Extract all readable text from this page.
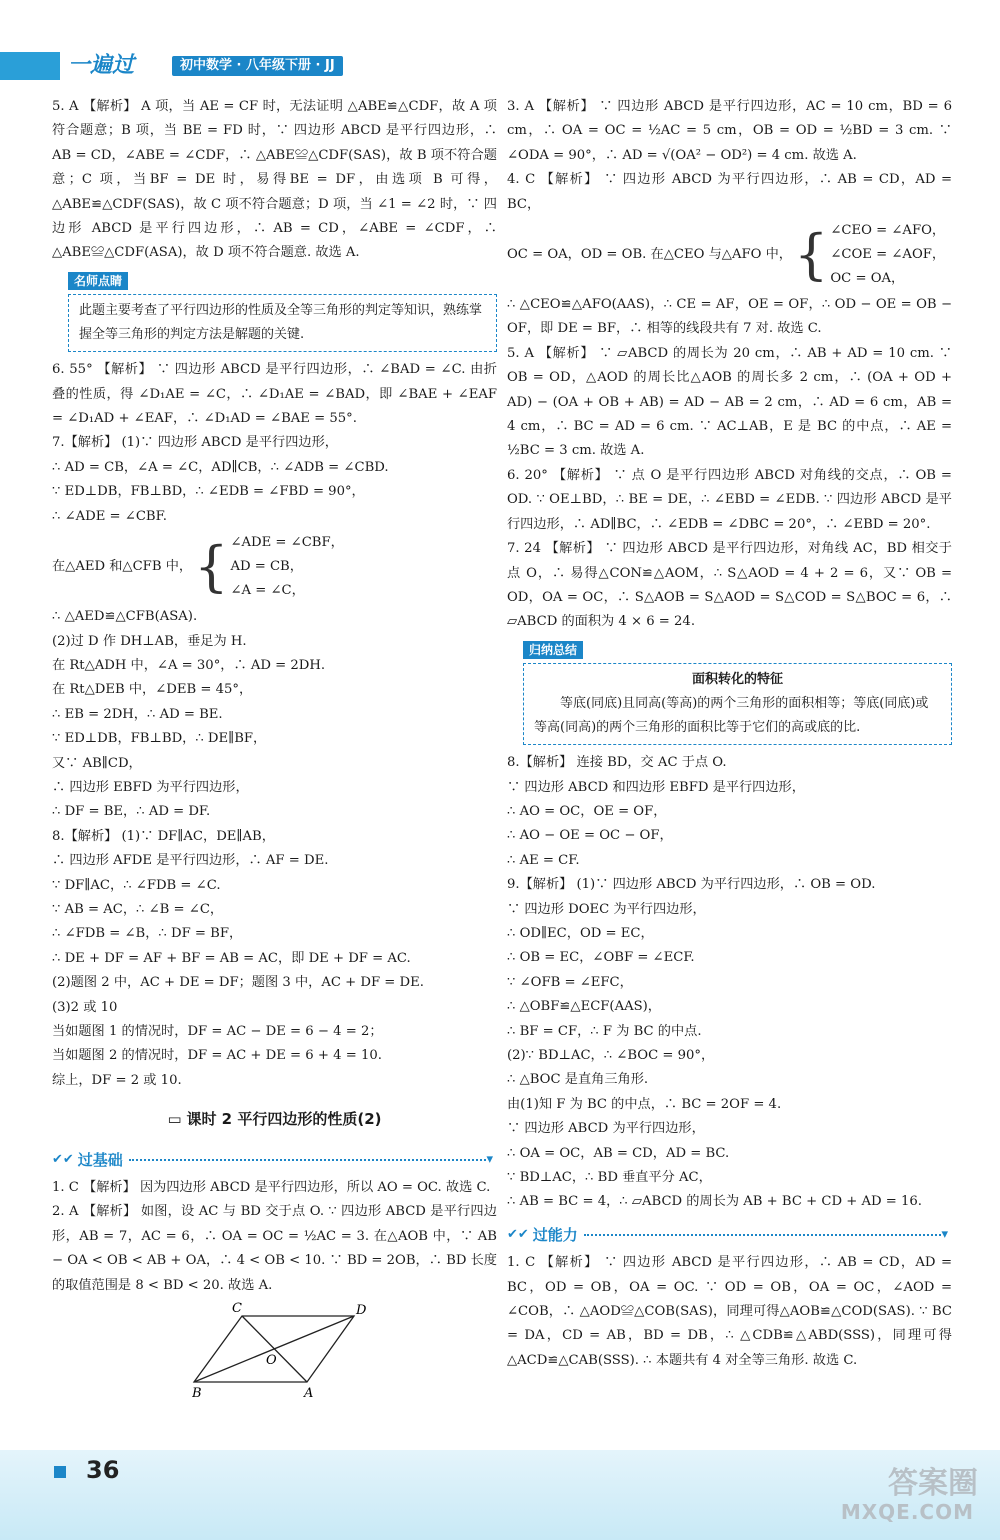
一遍过	初中数学 · 八年级下册 · JJ

5. A 【解析】 A 项，当 AE = CF 时，无法证明 △ABE≌△CDF，故 A 项符合题意；B 项，当 BE = FD 时，∵ 四边形 ABCD 是平行四边形，∴ AB = CD，∠ABE = ∠CDF，∴ △ABE≌△CDF(SAS)，故 B 项不符合题意；C 项，当BF = DE 时，易得BE = DF，由选项 B 可得，△ABE≌△CDF(SAS)，故 C 项不符合题意；D 项，当 ∠1 = ∠2 时，∵ 四边形 ABCD 是平行四边形，∴ AB = CD，∠ABE = ∠CDF，∴ △ABE≌△CDF(ASA)，故 D 项不符合题意. 故选 A.

名师点睛
此题主要考查了平行四边形的性质及全等三角形的判定等知识，熟练掌握全等三角形的判定方法是解题的关键.

6. 55° 【解析】 ∵ 四边形 ABCD 是平行四边形，∴ ∠BAD = ∠C. 由折叠的性质，得 ∠D₁AE = ∠C，∴ ∠D₁AE = ∠BAD，即 ∠BAE + ∠EAF = ∠D₁AD + ∠EAF，∴ ∠D₁AD = ∠BAE = 55°.

7.【解析】 (1)∵ 四边形 ABCD 是平行四边形，

∴ AD = CB，∠A = ∠C，AD∥CB，∴ ∠ADB = ∠CBD.

∵ ED⊥DB，FB⊥BD，∴ ∠EDB = ∠FBD = 90°，

∴ ∠ADE = ∠CBF.

在△AED 和△CFB 中， { ∠ADE = ∠CBF，
AD = CB，
∠A = ∠C，

∴ △AED≌△CFB(ASA).

(2)过 D 作 DH⊥AB，垂足为 H.

在 Rt△ADH 中，∠A = 30°，∴ AD = 2DH.

在 Rt△DEB 中，∠DEB = 45°，

∴ EB = 2DH，∴ AD = BE.

∵ ED⊥DB，FB⊥BD，∴ DE∥BF，

又∵ AB∥CD，

∴ 四边形 EBFD 为平行四边形，

∴ DF = BE，∴ AD = DF.

8.【解析】 (1)∵ DF∥AC，DE∥AB，

∴ 四边形 AFDE 是平行四边形，∴ AF = DE.

∵ DF∥AC，∴ ∠FDB = ∠C.

∵ AB = AC，∴ ∠B = ∠C，

∴ ∠FDB = ∠B，∴ DF = BF，

∴ DE + DF = AF + BF = AB = AC，即 DE + DF = AC.

(2)题图 2 中，AC + DE = DF；题图 3 中，AC + DF = DE.

(3)2 或 10

当如题图 1 的情况时，DF = AC − DE = 6 − 4 = 2；

当如题图 2 的情况时，DF = AC + DE = 6 + 4 = 10.

综上，DF = 2 或 10.

▭ 课时 2 平行四边形的性质(2)
✔✔ 过基础	▾

1. C 【解析】 因为四边形 ABCD 是平行四边形，所以 AO = OC. 故选 C.

2. A 【解析】 如图，设 AC 与 BD 交于点 O. ∵ 四边形 ABCD 是平行四边形，AB = 7，AC = 6，∴ OA = OC = ½AC = 3. 在△AOB 中，∵ AB − OA < OB < AB + OA，∴ 4 < OB < 10. ∵ BD = 2OB，∴ BD 长度的取值范围是 8 < BD < 20. 故选 A.

C	D
O
B	A

3. A 【解析】 ∵ 四边形 ABCD 是平行四边形，AC = 10 cm，BD = 6 cm，∴ OA = OC = ½AC = 5 cm，OB = OD = ½BD = 3 cm. ∵ ∠ODA = 90°，∴ AD = √(OA² − OD²) = 4 cm. 故选 A.

4. C 【解析】 ∵ 四边形 ABCD 为平行四边形，∴ AB = CD，AD = BC，

OC = OA，OD = OB. 在△CEO 与△AFO 中， { ∠CEO = ∠AFO，
∠COE = ∠AOF，
OC = OA，

∴ △CEO≌△AFO(AAS)，∴ CE = AF，OE = OF，∴ OD − OE = OB − OF，即 DE = BF，∴ 相等的线段共有 7 对. 故选 C.

5. A 【解析】 ∵ ▱ABCD 的周长为 20 cm，∴ AB + AD = 10 cm. ∵ OB = OD，△AOD 的周长比△AOB 的周长多 2 cm，∴ (OA + OD + AD) − (OA + OB + AB) = AD − AB = 2 cm，∴ AD = 6 cm，AB = 4 cm，∴ BC = AD = 6 cm. ∵ AC⊥AB，E 是 BC 的中点，∴ AE = ½BC = 3 cm. 故选 A.

6. 20° 【解析】 ∵ 点 O 是平行四边形 ABCD 对角线的交点，∴ OB = OD. ∵ OE⊥BD，∴ BE = DE，∴ ∠EBD = ∠EDB. ∵ 四边形 ABCD 是平行四边形，∴ AD∥BC，∴ ∠EDB = ∠DBC = 20°，∴ ∠EBD = 20°.

7. 24 【解析】 ∵ 四边形 ABCD 是平行四边形，对角线 AC，BD 相交于点 O，∴ 易得△CON≌△AOM，∴ S△AOD = 4 + 2 = 6，又∵ OB = OD，OA = OC，∴ S△AOB = S△AOD = S△COD = S△BOC = 6，∴ ▱ABCD 的面积为 4 × 6 = 24.

归纳总结
面积转化的特征
等底(同底)且同高(等高)的两个三角形的面积相等；等底(同底)或等高(同高)的两个三角形的面积比等于它们的高或底的比.

8.【解析】 连接 BD，交 AC 于点 O.

∵ 四边形 ABCD 和四边形 EBFD 是平行四边形，

∴ AO = OC，OE = OF，

∴ AO − OE = OC − OF，

∴ AE = CF.

9.【解析】 (1)∵ 四边形 ABCD 为平行四边形，∴ OB = OD.

∵ 四边形 DOEC 为平行四边形，

∴ OD∥EC，OD = EC，

∴ OB = EC，∠OBF = ∠ECF.

∵ ∠OFB = ∠EFC，

∴ △OBF≌△ECF(AAS)，

∴ BF = CF，∴ F 为 BC 的中点.

(2)∵ BD⊥AC，∴ ∠BOC = 90°，

∴ △BOC 是直角三角形.

由(1)知 F 为 BC 的中点，∴ BC = 2OF = 4.

∵ 四边形 ABCD 为平行四边形，

∴ OA = OC，AB = CD，AD = BC.

∵ BD⊥AC，∴ BD 垂直平分 AC，

∴ AB = BC = 4，∴ ▱ABCD 的周长为 AB + BC + CD + AD = 16.

✔✔ 过能力	▾

1. C 【解析】 ∵ 四边形 ABCD 是平行四边形，∴ AB = CD，AD = BC，OD = OB，OA = OC. ∵ OD = OB，OA = OC，∠AOD = ∠COB，∴ △AOD≌△COB(SAS)，同理可得△AOB≌△COD(SAS). ∵ BC = DA，CD = AB，BD = DB，∴ △CDB≌△ABD(SSS)，同理可得△ACD≌△CAB(SSS). ∴ 本题共有 4 对全等三角形. 故选 C.

36	答案圈
MXQE.COM
